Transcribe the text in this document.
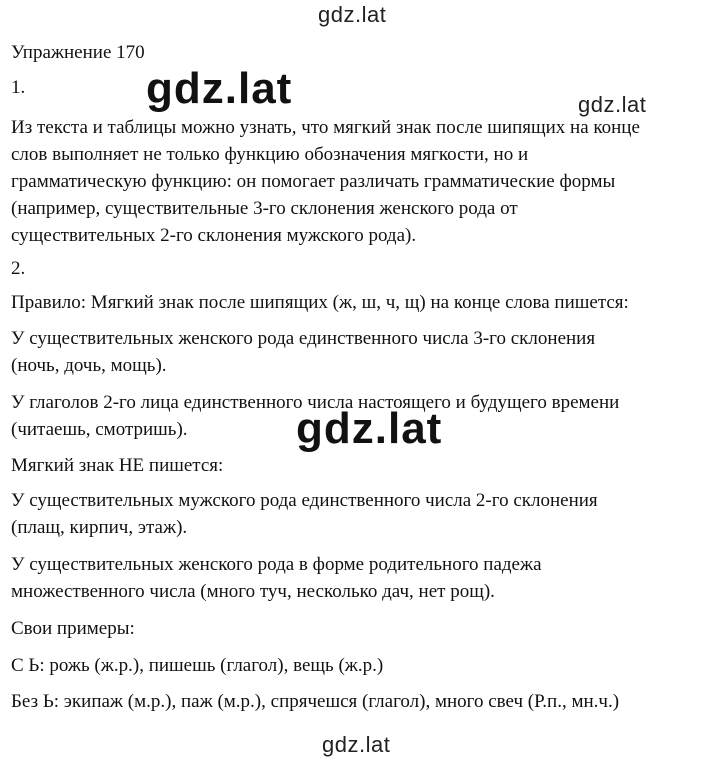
Упражнение 170
1.
Из текста и таблицы можно узнать, что мягкий знак после шипящих на конце
слов выполняет не только функцию обозначения мягкости, но и
грамматическую функцию: он помогает различать грамматические формы
(например, существительные 3-го склонения женского рода от
существительных 2-го склонения мужского рода).
2.
Правило: Мягкий знак после шипящих (ж, ш, ч, щ) на конце слова пишется:
У существительных женского рода единственного числа 3-го склонения
(ночь, дочь, мощь).
У глаголов 2-го лица единственного числа настоящего и будущего времени
(читаешь, смотришь).
Мягкий знак НЕ пишется:
У существительных мужского рода единственного числа 2-го склонения
(плащ, кирпич, этаж).
У существительных женского рода в форме родительного падежа
множественного числа (много туч, несколько дач, нет рощ).
Свои примеры:
С Ь: рожь (ж.р.), пишешь (глагол), вещь (ж.р.)
Без Ь: экипаж (м.р.), паж (м.р.), спрячешся (глагол), много свеч (Р.п., мн.ч.)
gdz.lat
gdz.lat	gdz.lat
gdz.lat
gdz.lat
